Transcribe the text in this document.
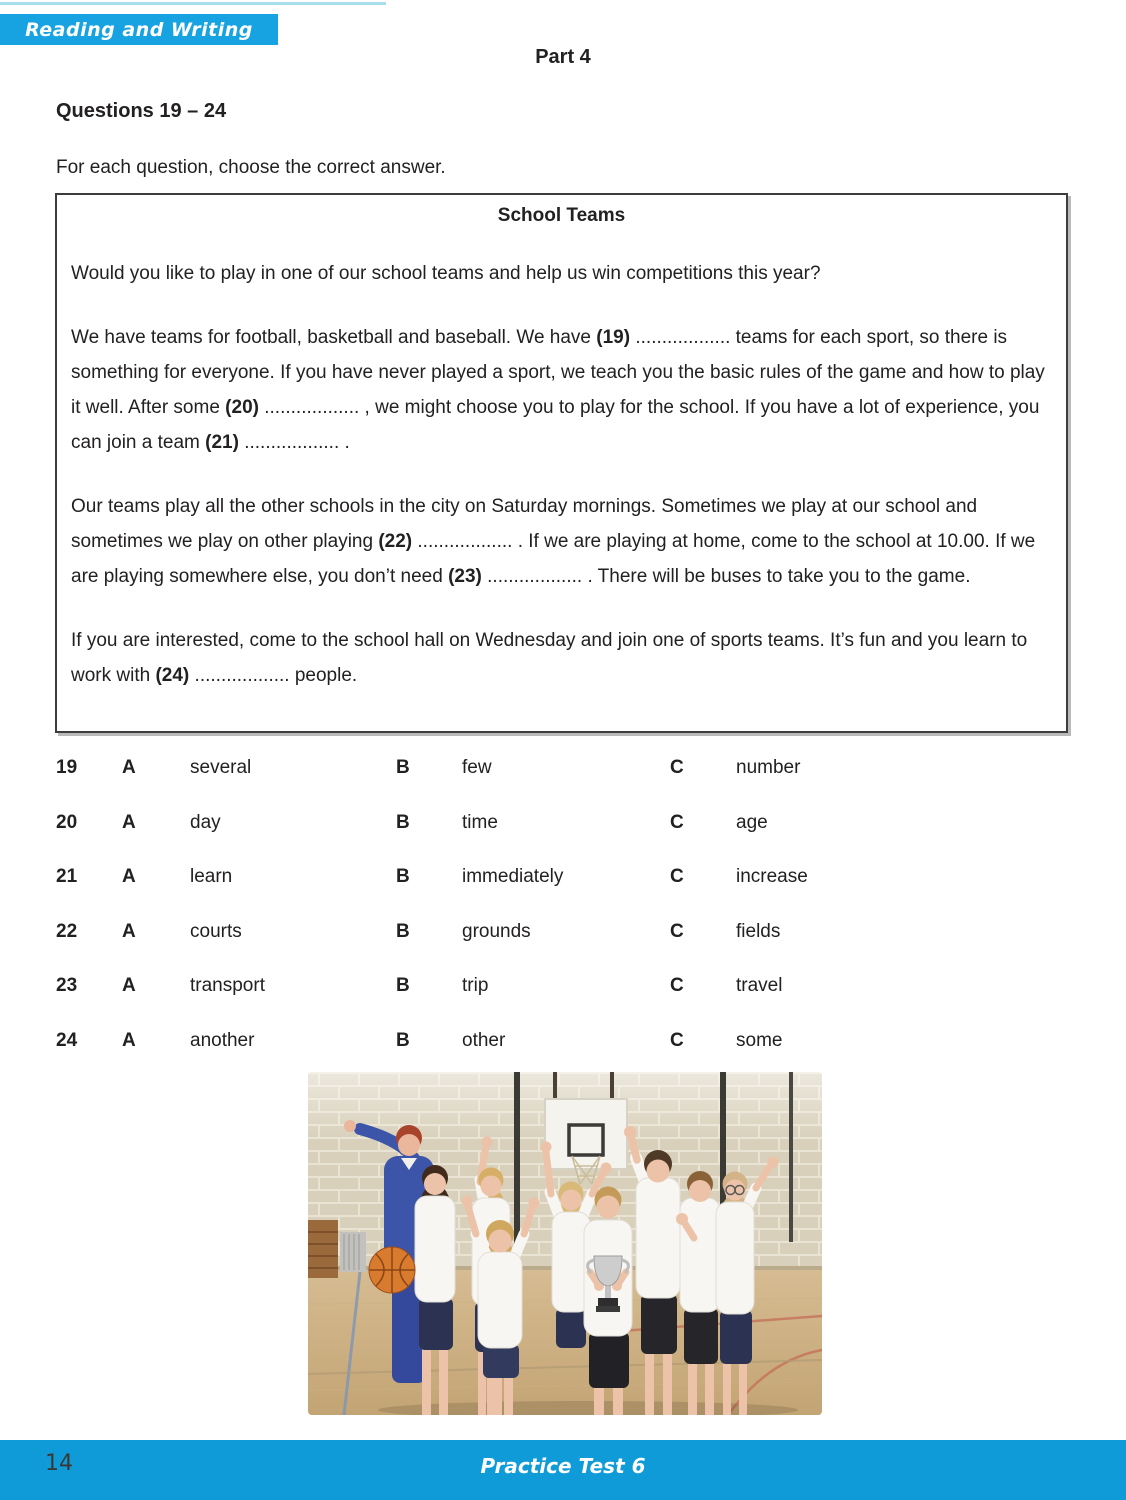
Reading and Writing
Part 4
Questions 19 – 24
For each question, choose the correct answer.
School Teams

Would you like to play in one of our school teams and help us win competitions this year?

We have teams for football, basketball and baseball. We have (19) .................. teams for each sport, so there is something for everyone. If you have never played a sport, we teach you the basic rules of the game and how to play it well. After some (20) .................. , we might choose you to play for the school. If you have a lot of experience, you can join a team (21) .................. .

Our teams play all the other schools in the city on Saturday mornings. Sometimes we play at our school and sometimes we play on other playing (22) .................. . If we are playing at home, come to the school at 10.00. If we are playing somewhere else, you don’t need (23) .................. . There will be buses to take you to the game.

If you are interested, come to the school hall on Wednesday and join one of sports teams. It’s fun and you learn to work with (24) .................. people.

19	A	several	B	few	C	number
20	A	day	B	time	C	age
21	A	learn	B	immediately	C	increase
22	A	courts	B	grounds	C	fields
23	A	transport	B	trip	C	travel
24	A	another	B	other	C	some
14	Practice Test 6
